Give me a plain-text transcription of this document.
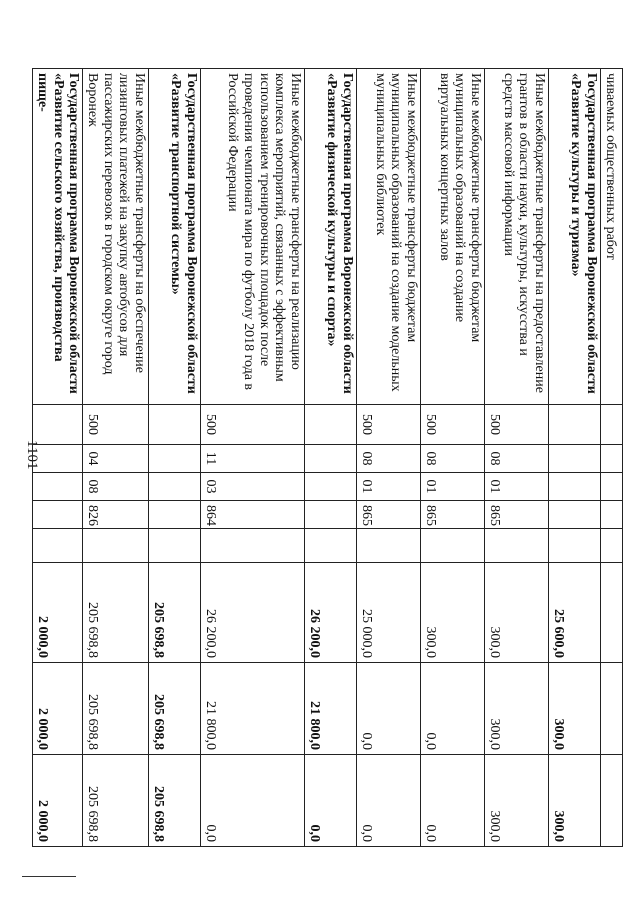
1101
чиваемых общественных работ								
Государственная программа Воронежской области «Развитие культуры и туризма»						25 600,0	300,0	300,0
Иные межбюджетные трансферты на предоставление грантов в области науки, культуры, искусства и средств массовой информации	500	08	01	865		300,0	300,0	300,0
Иные межбюджетные трансферты бюджетам муниципальных образований на создание виртуальных концертных залов	500	08	01	865		300,0	0,0	0,0
Иные межбюджетные трансферты бюджетам муниципальных образований на создание модельных муниципальных библиотек	500	08	01	865		25 000,0	0,0	0,0
Государственная программа Воронежской области «Развитие физической культуры и спорта»						26 200,0	21 800,0	0,0
Иные межбюджетные трансферты на реализацию комплекса мероприятий, связанных с эффективным использованием тренировочных площадок после проведения чемпионата мира по футболу 2018 года в Российской Федерации	500	11	03	864		26 200,0	21 800,0	0,0
Государственная программа Воронежской области «Развитие транспортной системы»						205 698,8	205 698,8	205 698,8
Иные межбюджетные трансферты на обеспечение лизинговых платежей на закупку автобусов для пассажирских перевозок в городском округе город Воронеж	500	04	08	826		205 698,8	205 698,8	205 698,8
Государственная программа Воронежской области «Развитие сельского хозяйства, производства пище-						2 000,0	2 000,0	2 000,0
